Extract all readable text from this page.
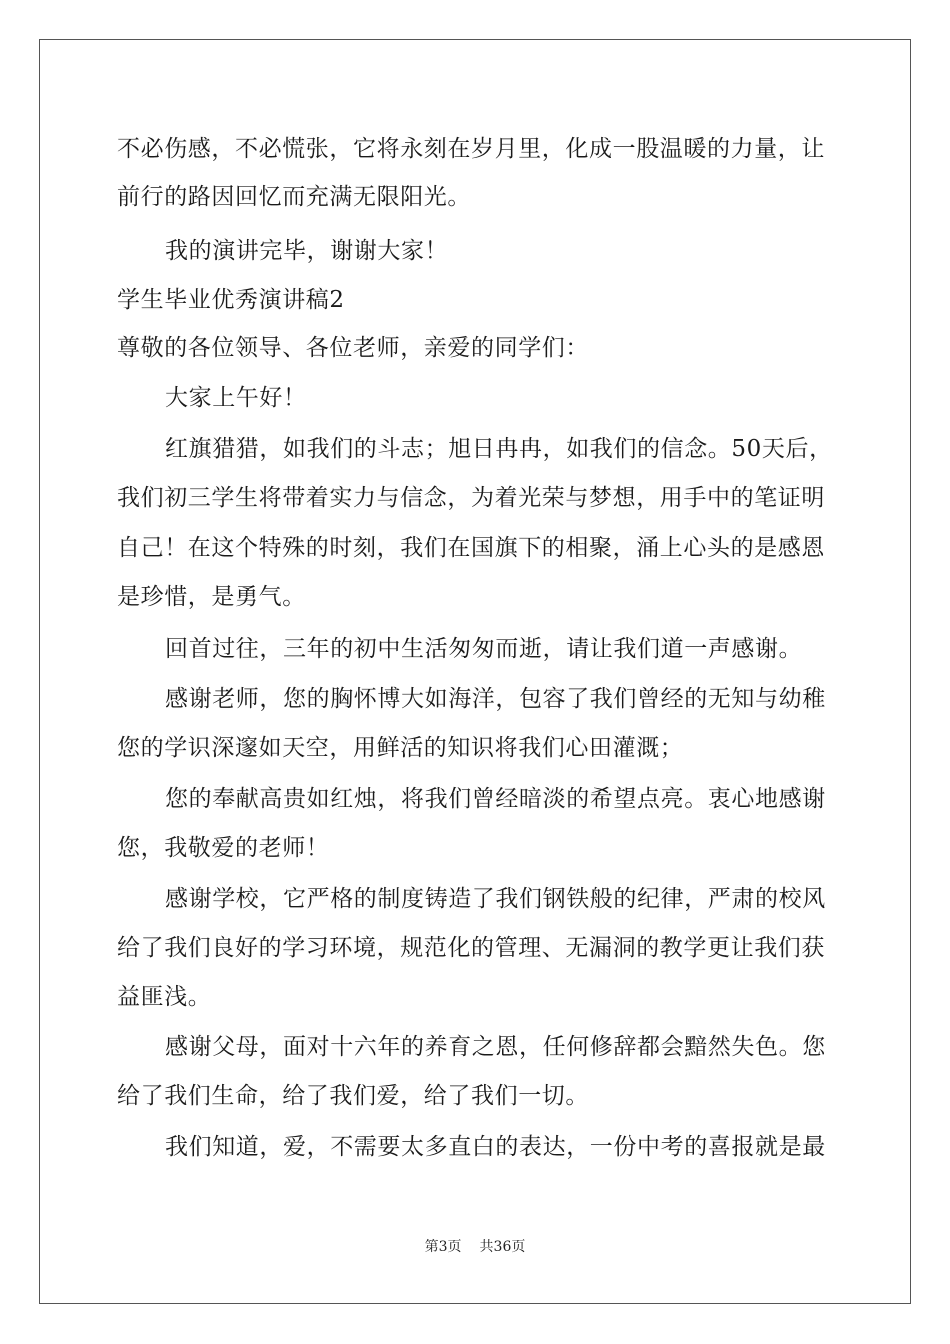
不必伤感，不必慌张，它将永刻在岁月里，化成一股温暖的力量，让
前行的路因回忆而充满无限阳光。
我的演讲完毕，谢谢大家！
学生毕业优秀演讲稿2
尊敬的各位领导、各位老师，亲爱的同学们：
大家上午好！
红旗猎猎，如我们的斗志；旭日冉冉，如我们的信念。50天后，
我们初三学生将带着实力与信念，为着光荣与梦想，用手中的笔证明
自己！在这个特殊的时刻，我们在国旗下的相聚，涌上心头的是感恩
是珍惜，是勇气。
回首过往，三年的初中生活匆匆而逝，请让我们道一声感谢。
感谢老师，您的胸怀博大如海洋，包容了我们曾经的无知与幼稚
您的学识深邃如天空，用鲜活的知识将我们心田灌溉；
您的奉献高贵如红烛，将我们曾经暗淡的希望点亮。衷心地感谢
您，我敬爱的老师！
感谢学校，它严格的制度铸造了我们钢铁般的纪律，严肃的校风
给了我们良好的学习环境，规范化的管理、无漏洞的教学更让我们获
益匪浅。
感谢父母，面对十六年的养育之恩，任何修辞都会黯然失色。您
给了我们生命，给了我们爱，给了我们一切。
我们知道，爱，不需要太多直白的表达，一份中考的喜报就是最
第3页 共36页
